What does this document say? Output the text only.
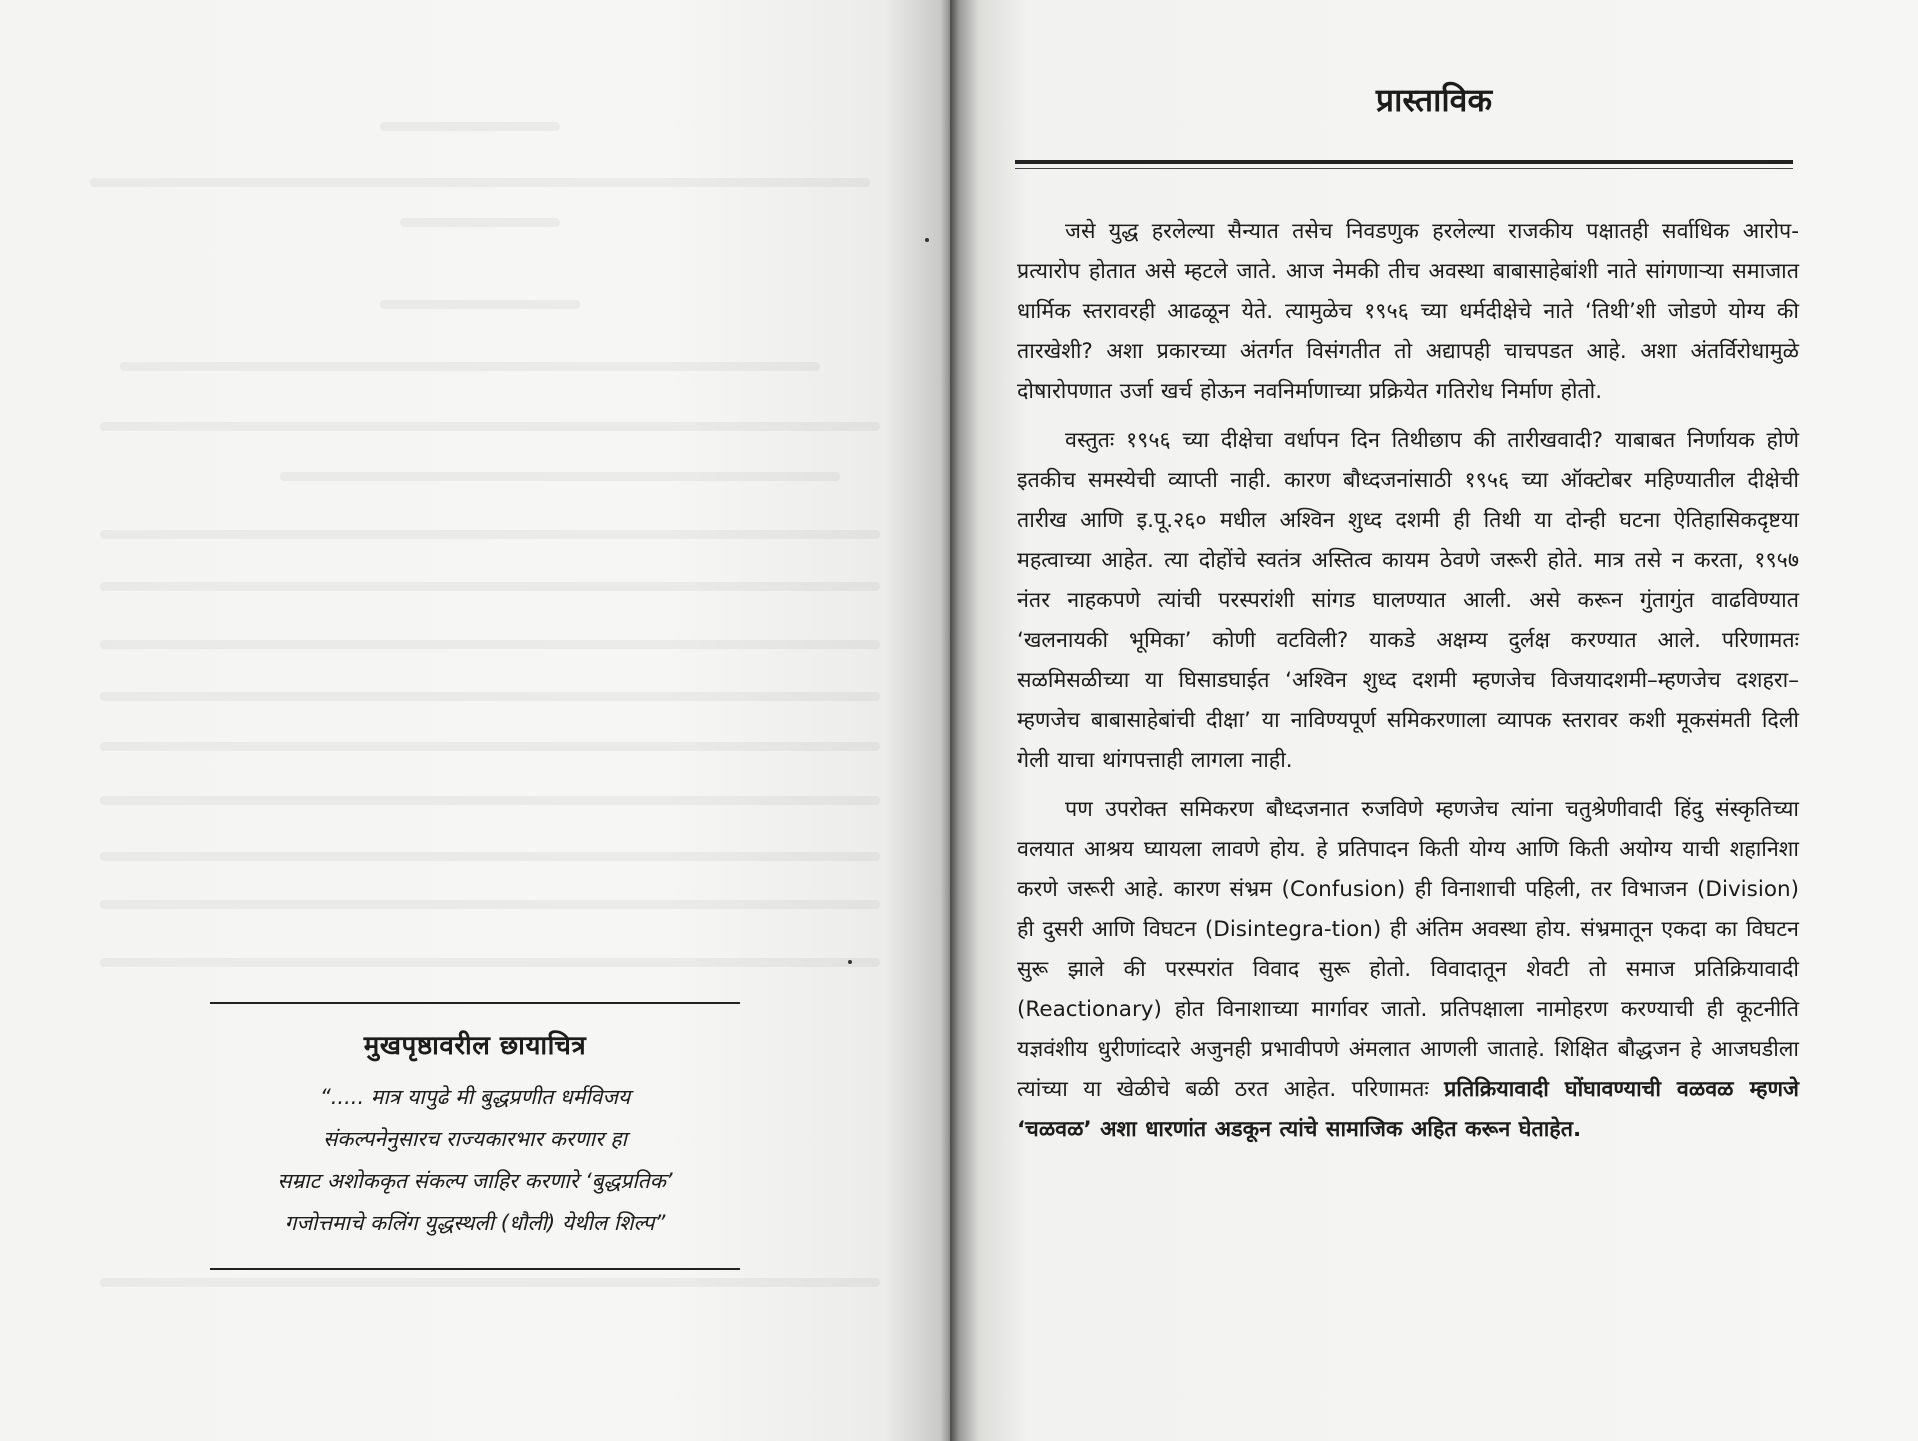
मुखपृष्ठावरील छायाचित्र

“..... मात्र यापुढे मी बुद्धप्रणीत धर्मविजय

संकल्पनेनुसारच राज्यकारभार करणार हा

सम्राट अशोककृत संकल्प जाहिर करणारे ‘बुद्धप्रतिक’

गजोत्तमाचे कलिंग युद्धस्थली (धौली) येथील शिल्प”

प्रास्ताविक

जसे युद्ध हरलेल्या सैन्यात तसेच निवडणुक हरलेल्या राजकीय पक्षातही सर्वाधिक आरोप-प्रत्यारोप होतात असे म्हटले जाते. आज नेमकी तीच अवस्था बाबासाहेबांशी नाते सांगणाऱ्या समाजात धार्मिक स्तरावरही आढळून येते. त्यामुळेच १९५६ च्या धर्मदीक्षेचे नाते ‘तिथी’शी जोडणे योग्य की तारखेशी? अशा प्रकारच्या अंतर्गत विसंगतीत तो अद्यापही चाचपडत आहे. अशा अंतर्विरोधामुळे दोषारोपणात उर्जा खर्च होऊन नवनिर्माणाच्या प्रक्रियेत गतिरोध निर्माण होतो.

वस्तुतः १९५६ च्या दीक्षेचा वर्धापन दिन तिथीछाप की तारीखवादी? याबाबत निर्णायक होणे इतकीच समस्येची व्याप्ती नाही. कारण बौध्दजनांसाठी १९५६ च्या ऑक्टोबर महिण्यातील दीक्षेची तारीख आणि इ.पू.२६० मधील अश्विन शुध्द दशमी ही तिथी या दोन्ही घटना ऐतिहासिकदृष्टया महत्वाच्या आहेत. त्या दोहोंचे स्वतंत्र अस्तित्व कायम ठेवणे जरूरी होते. मात्र तसे न करता, १९५७ नंतर नाहकपणे त्यांची परस्परांशी सांगड घालण्यात आली. असे करून गुंतागुंत वाढविण्यात ‘खलनायकी भूमिका’ कोणी वटविली? याकडे अक्षम्य दुर्लक्ष करण्यात आले. परिणामतः सळमिसळीच्या या घिसाडघाईत ‘अश्विन शुध्द दशमी म्हणजेच विजयादशमी–म्हणजेच दशहरा–म्हणजेच बाबासाहेबांची दीक्षा’ या नाविण्यपूर्ण समिकरणाला व्यापक स्तरावर कशी मूकसंमती दिली गेली याचा थांगपत्ताही लागला नाही.

पण उपरोक्त समिकरण बौध्दजनात रुजविणे म्हणजेच त्यांना चतुश्रेणीवादी हिंदु संस्कृतिच्या वलयात आश्रय घ्यायला लावणे होय. हे प्रतिपादन किती योग्य आणि किती अयोग्य याची शहानिशा करणे जरूरी आहे. कारण संभ्रम (Confusion) ही विनाशाची पहिली, तर विभाजन (Division) ही दुसरी आणि विघटन (Disintegra-tion) ही अंतिम अवस्था होय. संभ्रमातून एकदा का विघटन सुरू झाले की परस्परांत विवाद सुरू होतो. विवादातून शेवटी तो समाज प्रतिक्रियावादी (Reactionary) होत विनाशाच्या मार्गावर जातो. प्रतिपक्षाला नामोहरण करण्याची ही कूटनीति यज्ञवंशीय धुरीणांव्दारे अजुनही प्रभावीपणे अंमलात आणली जाताहे. शिक्षित बौद्धजन हे आजघडीला त्यांच्या या खेळीचे बळी ठरत आहेत. परिणामतः प्रतिक्रियावादी घोंघावण्याची वळवळ म्हणजे ‘चळवळ’ अशा धारणांत अडकून त्यांचे सामाजिक अहित करून घेताहेत.
